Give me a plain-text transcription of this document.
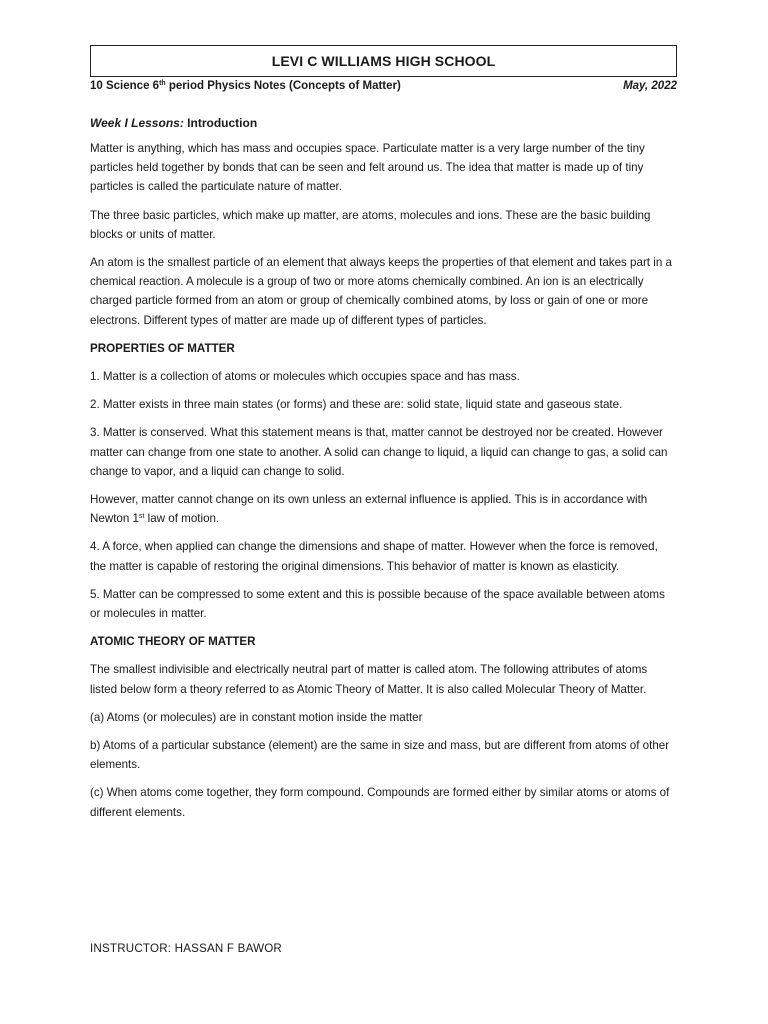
LEVI C WILLIAMS HIGH SCHOOL
10 Science 6th period Physics Notes (Concepts of Matter)	May, 2022
Week I Lessons: Introduction

Matter is anything, which has mass and occupies space. Particulate matter is a very large number of the tiny particles held together by bonds that can be seen and felt around us. The idea that matter is made up of tiny particles is called the particulate nature of matter.

The three basic particles, which make up matter, are atoms, molecules and ions. These are the basic building blocks or units of matter.

An atom is the smallest particle of an element that always keeps the properties of that element and takes part in a chemical reaction. A molecule is a group of two or more atoms chemically combined. An ion is an electrically charged particle formed from an atom or group of chemically combined atoms, by loss or gain of one or more electrons. Different types of matter are made up of different types of particles.

PROPERTIES OF MATTER

1. Matter is a collection of atoms or molecules which occupies space and has mass.

2. Matter exists in three main states (or forms) and these are: solid state, liquid state and gaseous state.

3. Matter is conserved. What this statement means is that, matter cannot be destroyed nor be created. However matter can change from one state to another. A solid can change to liquid, a liquid can change to gas, a solid can change to vapor, and a liquid can change to solid.

However, matter cannot change on its own unless an external influence is applied. This is in accordance with Newton 1st law of motion.

4. A force, when applied can change the dimensions and shape of matter. However when the force is removed, the matter is capable of restoring the original dimensions. This behavior of matter is known as elasticity.

5. Matter can be compressed to some extent and this is possible because of the space available between atoms or molecules in matter.

ATOMIC THEORY OF MATTER

The smallest indivisible and electrically neutral part of matter is called atom. The following attributes of atoms listed below form a theory referred to as Atomic Theory of Matter. It is also called Molecular Theory of Matter.

(a) Atoms (or molecules) are in constant motion inside the matter

b) Atoms of a particular substance (element) are the same in size and mass, but are different from atoms of other elements.

(c) When atoms come together, they form compound. Compounds are formed either by similar atoms or atoms of different elements.

INSTRUCTOR: HASSAN F BAWOR
